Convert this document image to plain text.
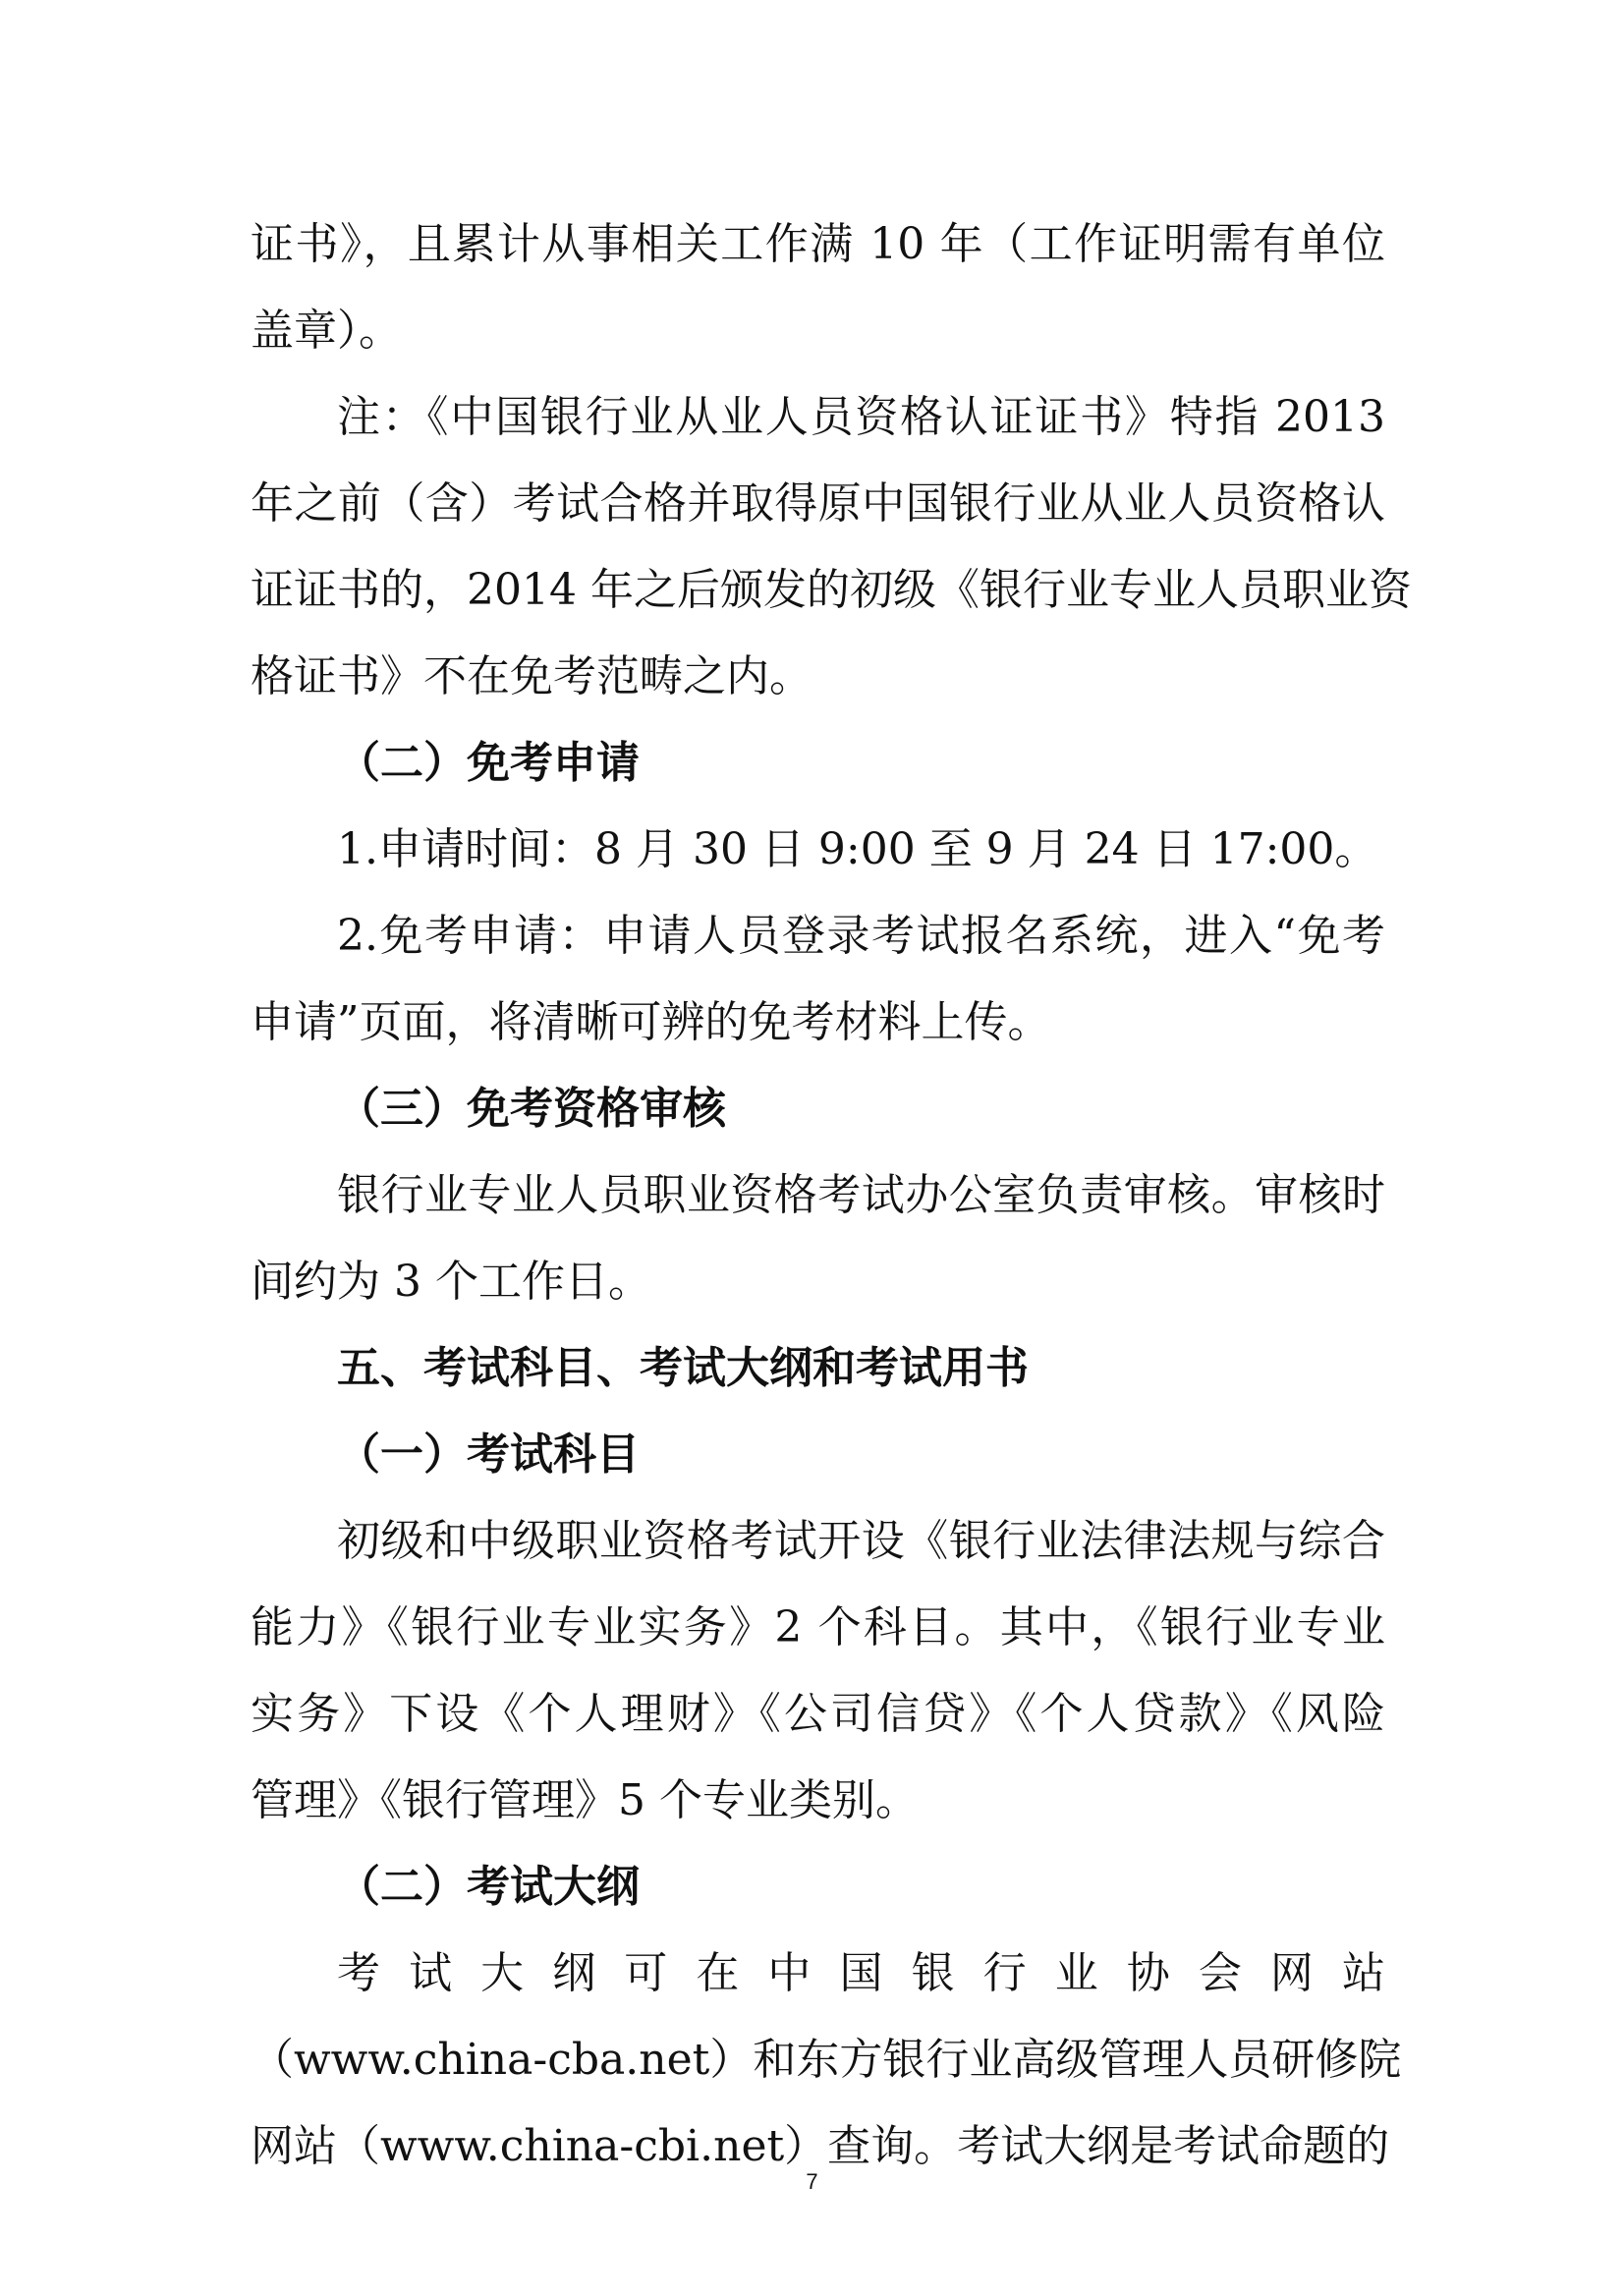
证书》，且累计从事相关工作满 10 年（工作证明需有单位
盖章）。
注：《中国银行业从业人员资格认证证书》特指 2013
年之前（含）考试合格并取得原中国银行业从业人员资格认
证证书的，2014 年之后颁发的初级《银行业专业人员职业资
格证书》不在免考范畴之内。
（二）免考申请
1.申请时间：8 月 30 日 9:00 至 9 月 24 日 17:00。
2.免考申请：申请人员登录考试报名系统，进入“免考
申请”页面，将清晰可辨的免考材料上传。
（三）免考资格审核
银行业专业人员职业资格考试办公室负责审核。审核时
间约为 3 个工作日。
五、考试科目、考试大纲和考试用书
（一）考试科目
初级和中级职业资格考试开设《银行业法律法规与综合
能力》《银行业专业实务》2 个科目。其中，《银行业专业
实务》下设《个人理财》《公司信贷》《个人贷款》《风险
管理》《银行管理》5 个专业类别。
（二）考试大纲
考试大纲可在中国银行业协会网站
（www.china-cba.net）和东方银行业高级管理人员研修院
网站（www.china-cbi.net）查询。考试大纲是考试命题的
7
